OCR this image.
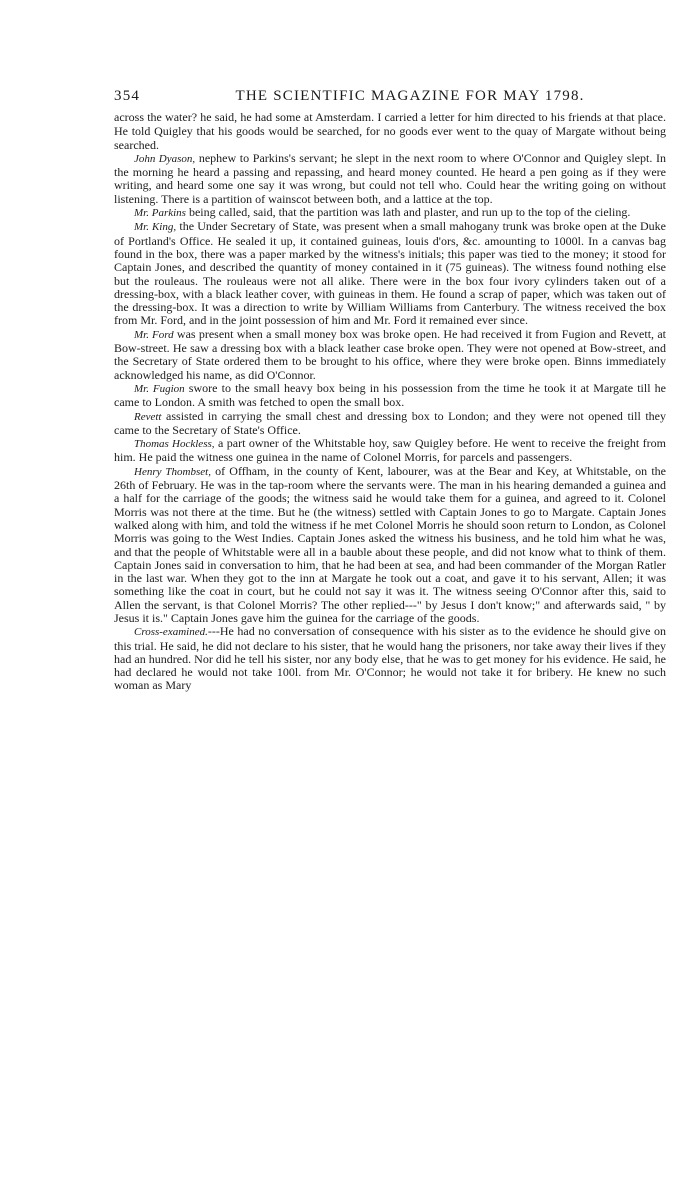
354	THE SCIENTIFIC MAGAZINE FOR MAY 1798.

across the water? he said, he had some at Amsterdam. I carried a letter for him directed to his friends at that place. He told Quigley that his goods would be searched, for no goods ever went to the quay of Margate without being searched.

John Dyason, nephew to Parkins's servant; he slept in the next room to where O'Connor and Quigley slept. In the morning he heard a passing and repassing, and heard money counted. He heard a pen going as if they were writing, and heard some one say it was wrong, but could not tell who. Could hear the writing going on without listening. There is a partition of wainscot between both, and a lattice at the top.

Mr. Parkins being called, said, that the partition was lath and plaster, and run up to the top of the cieling.

Mr. King, the Under Secretary of State, was present when a small mahogany trunk was broke open at the Duke of Portland's Office. He sealed it up, it contained guineas, louis d'ors, &c. amounting to 1000l. In a canvas bag found in the box, there was a paper marked by the witness's initials; this paper was tied to the money; it stood for Captain Jones, and described the quantity of money contained in it (75 guineas). The witness found nothing else but the rouleaus. The rouleaus were not all alike. There were in the box four ivory cylinders taken out of a dressing-box, with a black leather cover, with guineas in them. He found a scrap of paper, which was taken out of the dressing-box. It was a direction to write by William Williams from Canterbury. The witness received the box from Mr. Ford, and in the joint possession of him and Mr. Ford it remained ever since.

Mr. Ford was present when a small money box was broke open. He had received it from Fugion and Revett, at Bow-street. He saw a dressing box with a black leather case broke open. They were not opened at Bow-street, and the Secretary of State ordered them to be brought to his office, where they were broke open. Binns immediately acknowledged his name, as did O'Connor.

Mr. Fugion swore to the small heavy box being in his possession from the time he took it at Margate till he came to London. A smith was fetched to open the small box.

Revett assisted in carrying the small chest and dressing box to London; and they were not opened till they came to the Secretary of State's Office.

Thomas Hockless, a part owner of the Whitstable hoy, saw Quigley before. He went to receive the freight from him. He paid the witness one guinea in the name of Colonel Morris, for parcels and passengers.

Henry Thombset, of Offham, in the county of Kent, labourer, was at the Bear and Key, at Whitstable, on the 26th of February. He was in the tap-room where the servants were. The man in his hearing demanded a guinea and a half for the carriage of the goods; the witness said he would take them for a guinea, and agreed to it. Colonel Morris was not there at the time. But he (the witness) settled with Captain Jones to go to Margate. Captain Jones walked along with him, and told the witness if he met Colonel Morris he should soon return to London, as Colonel Morris was going to the West Indies. Captain Jones asked the witness his business, and he told him what he was, and that the people of Whitstable were all in a bauble about these people, and did not know what to think of them. Captain Jones said in conversation to him, that he had been at sea, and had been commander of the Morgan Ratler in the last war. When they got to the inn at Margate he took out a coat, and gave it to his servant, Allen; it was something like the coat in court, but he could not say it was it. The witness seeing O'Connor after this, said to Allen the servant, is that Colonel Morris? The other replied---" by Jesus I don't know;" and afterwards said, " by Jesus it is." Captain Jones gave him the guinea for the carriage of the goods.

Cross-examined.---He had no conversation of consequence with his sister as to the evidence he should give on this trial. He said, he did not declare to his sister, that he would hang the prisoners, nor take away their lives if they had an hundred. Nor did he tell his sister, nor any body else, that he was to get money for his evidence. He said, he had declared he would not take 100l. from Mr. O'Connor; he would not take it for bribery. He knew no such woman as Mary
